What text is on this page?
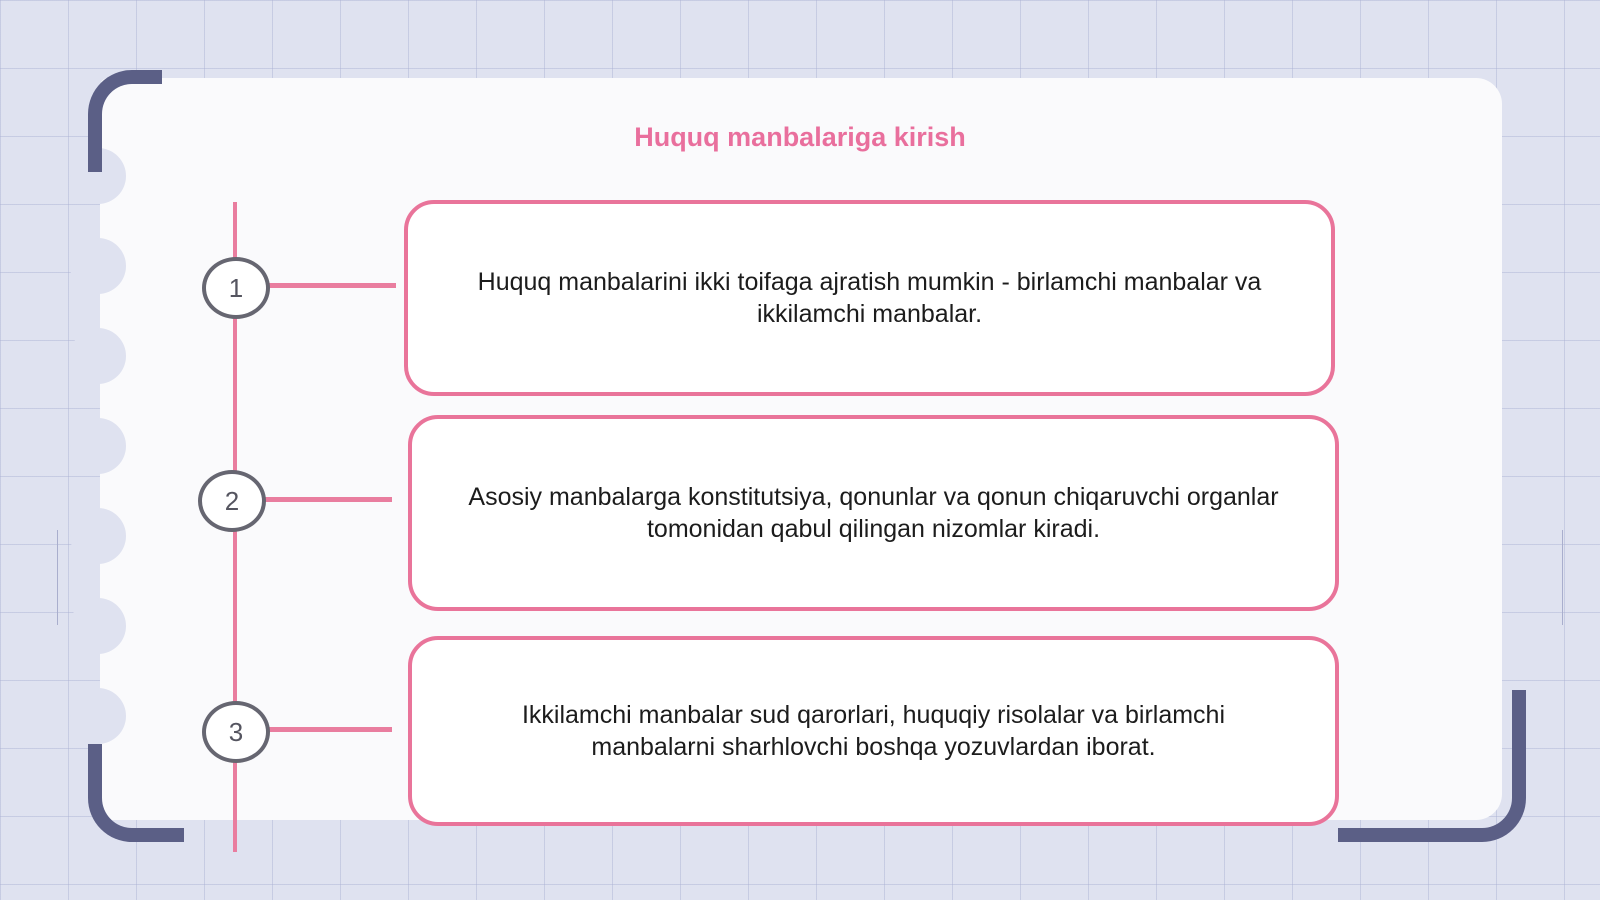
Huquq manbalariga kirish
1	Huquq manbalarini ikki toifaga ajratish mumkin - birlamchi manbalar va ikkilamchi manbalar.
2	Asosiy manbalarga konstitutsiya, qonunlar va qonun chiqaruvchi organlar tomonidan qabul qilingan nizomlar kiradi.
3
Ikkilamchi manbalar sud qarorlari, huquqiy risolalar va birlamchi manbalarni sharhlovchi boshqa yozuvlardan iborat.
